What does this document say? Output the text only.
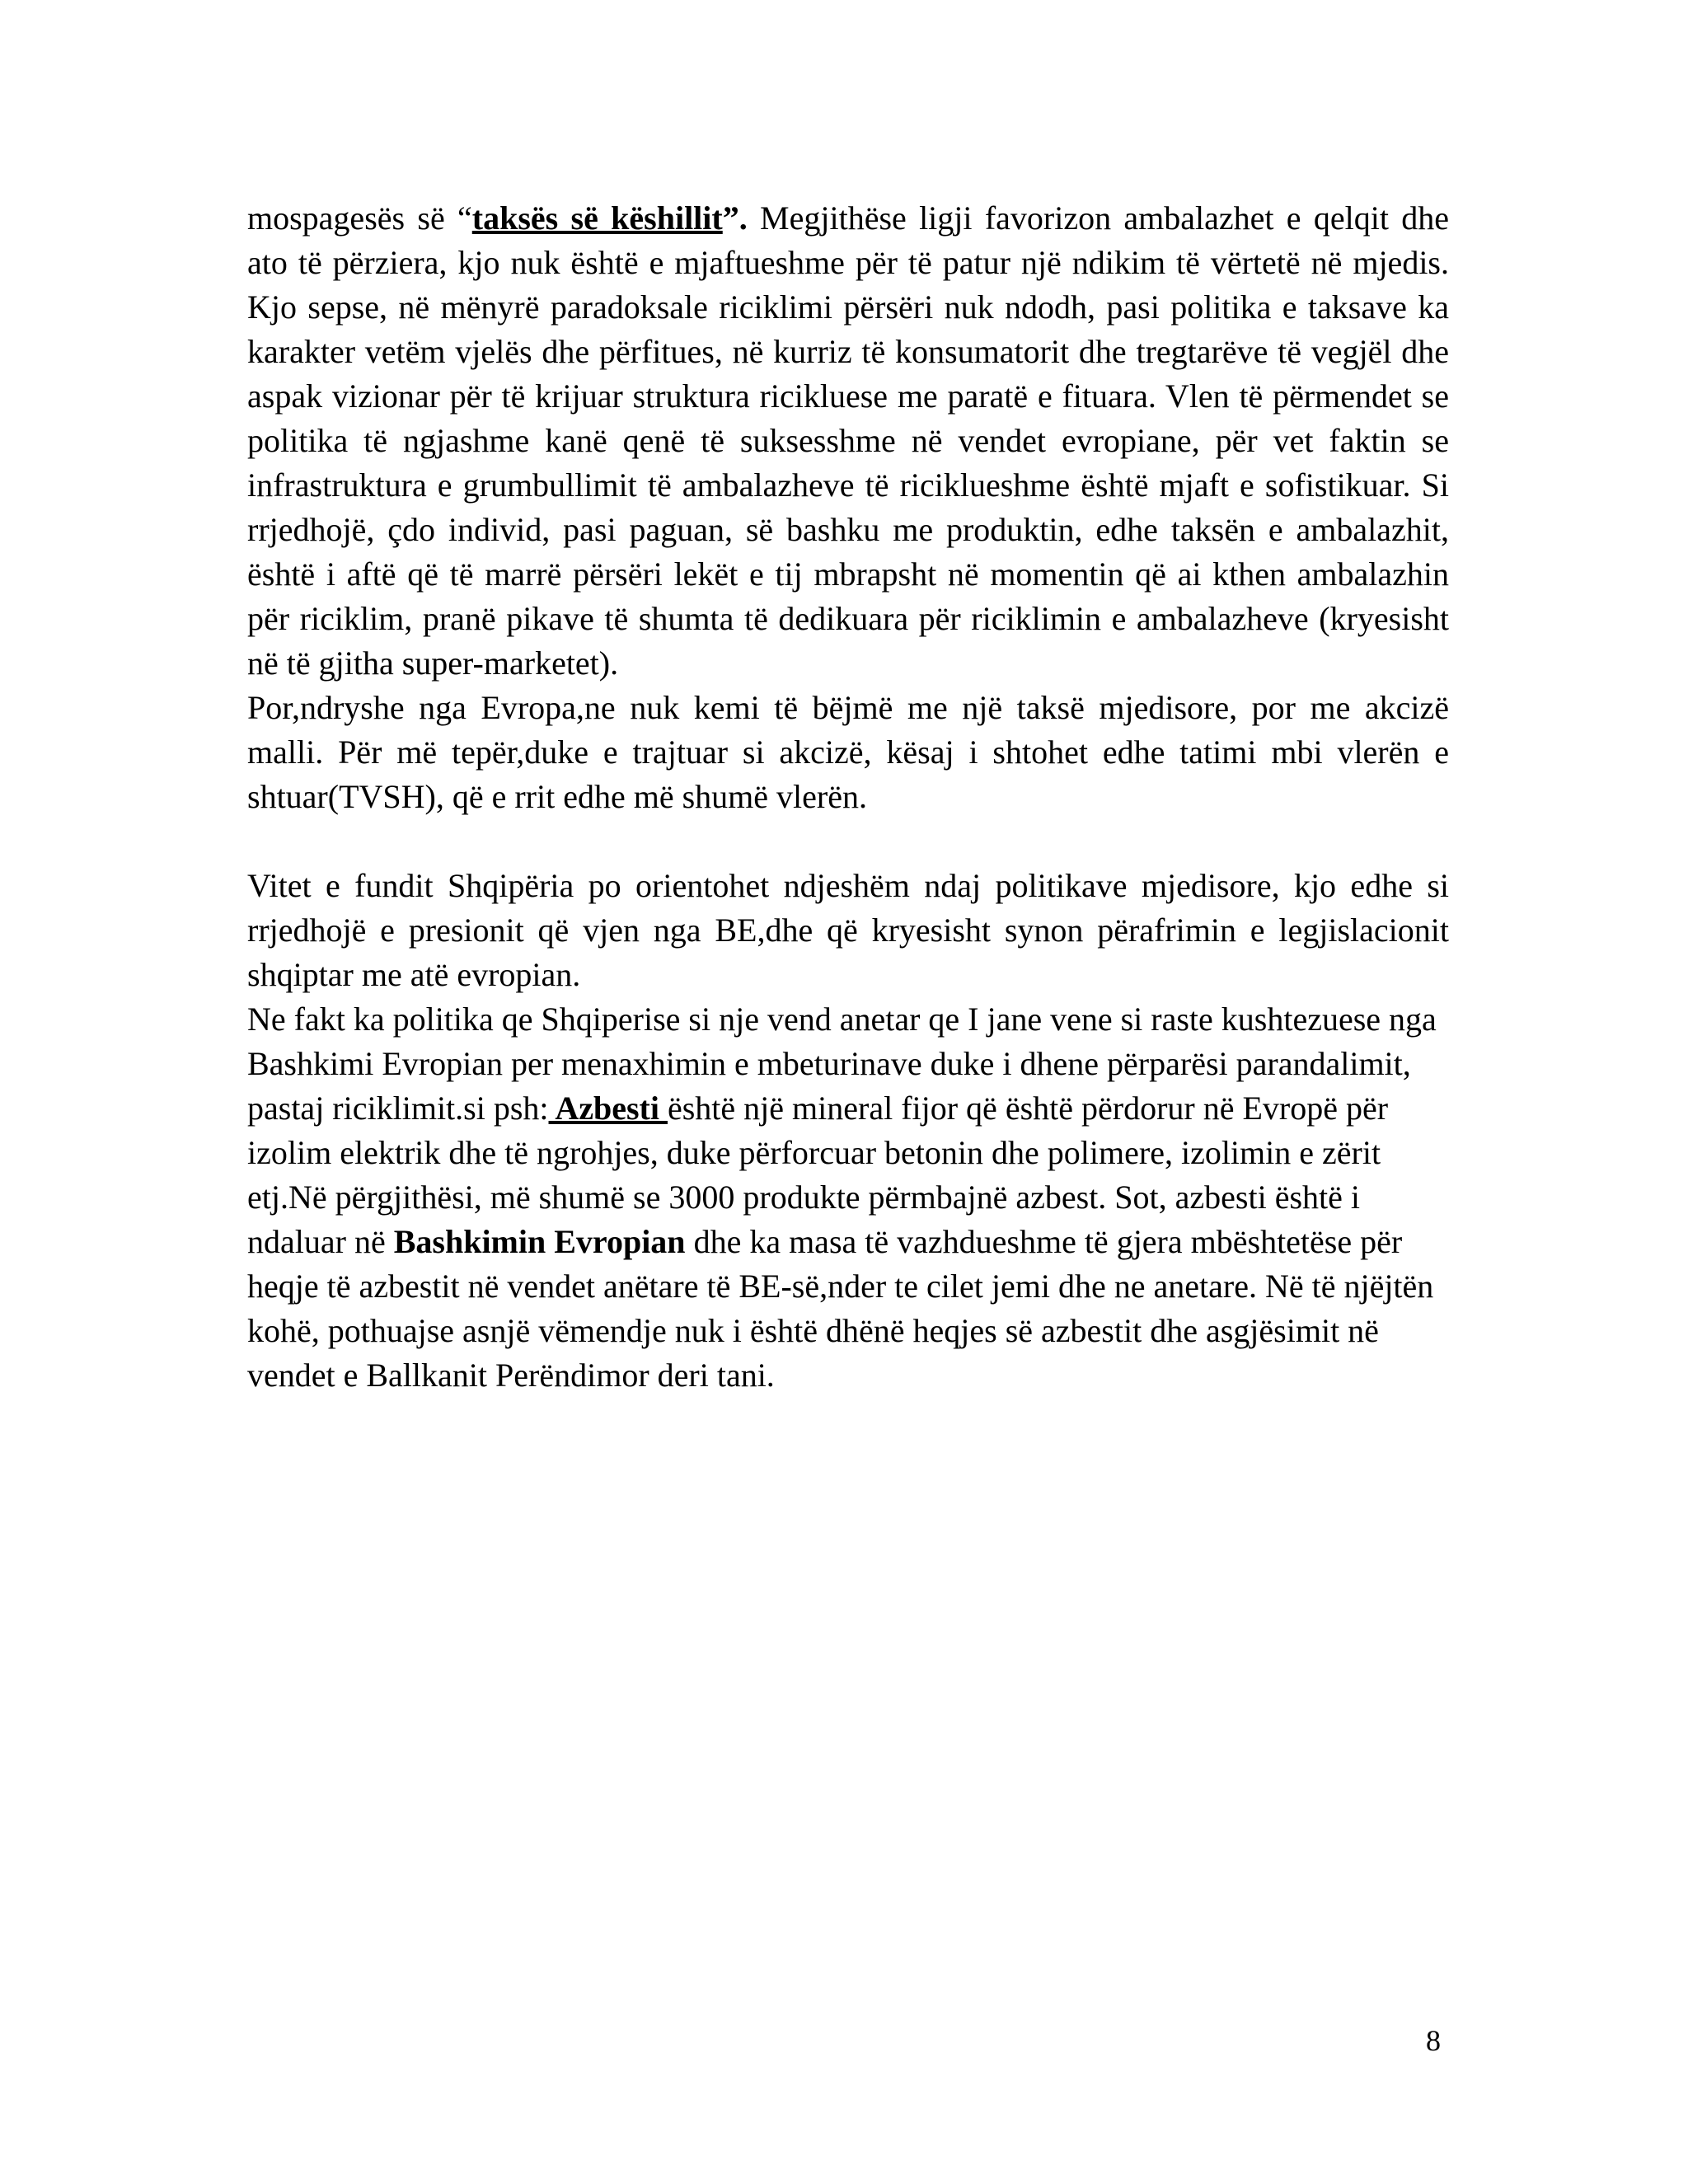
mospagesës së “taksës së këshillit”. Megjithëse ligji favorizon ambalazhet e qelqit dhe ato të përziera, kjo nuk është e mjaftueshme për të patur një ndikim të vërtetë në mjedis. Kjo sepse, në mënyrë paradoksale riciklimi përsëri nuk ndodh, pasi politika e taksave ka karakter vetëm vjelës dhe përfitues, në kurriz të konsumatorit dhe tregtarëve të vegjël dhe aspak vizionar për të krijuar struktura ricikluese me paratë e fituara. Vlen të përmendet se politika të ngjashme kanë qenë të suksesshme në vendet evropiane, për vet faktin se infrastruktura e grumbullimit të ambalazheve të riciklueshme është mjaft e sofistikuar. Si rrjedhojë, çdo individ, pasi paguan, së bashku me produktin, edhe taksën e ambalazhit, është i aftë që të marrë përsëri lekët e tij mbrapsht në momentin që ai kthen ambalazhin për riciklim, pranë pikave të shumta të dedikuara për riciklimin e ambalazheve (kryesisht në të gjitha super-marketet).

Por,ndryshe nga Evropa,ne nuk kemi të bëjmë me një taksë mjedisore, por me akcizë malli. Për më tepër,duke e trajtuar si akcizë, kësaj i shtohet edhe tatimi mbi vlerën e shtuar(TVSH), që e rrit edhe më shumë vlerën.

Vitet e fundit Shqipëria po orientohet ndjeshëm ndaj politikave mjedisore, kjo edhe si rrjedhojë e presionit që vjen nga BE,dhe që kryesisht synon përafrimin e legjislacionit shqiptar me atë evropian.

Ne fakt ka politika qe Shqiperise si nje vend anetar qe I jane vene si raste kushtezuese nga Bashkimi Evropian per menaxhimin e mbeturinave duke i dhene përparësi parandalimit, pastaj riciklimit.si psh: Azbesti është një mineral fijor që është përdorur në Evropë për izolim elektrik dhe të ngrohjes, duke përforcuar betonin dhe polimere, izolimin e zërit etj.Në përgjithësi, më shumë se 3000 produkte përmbajnë azbest. Sot, azbesti është i ndaluar në Bashkimin Evropian dhe ka masa të vazhdueshme të gjera mbështetëse për heqje të azbestit në vendet anëtare të BE-së,nder te cilet jemi dhe ne anetare. Në të njëjtën kohë, pothuajse asnjë vëmendje nuk i është dhënë heqjes së azbestit dhe asgjësimit në vendet e Ballkanit Perëndimor deri tani.

8
